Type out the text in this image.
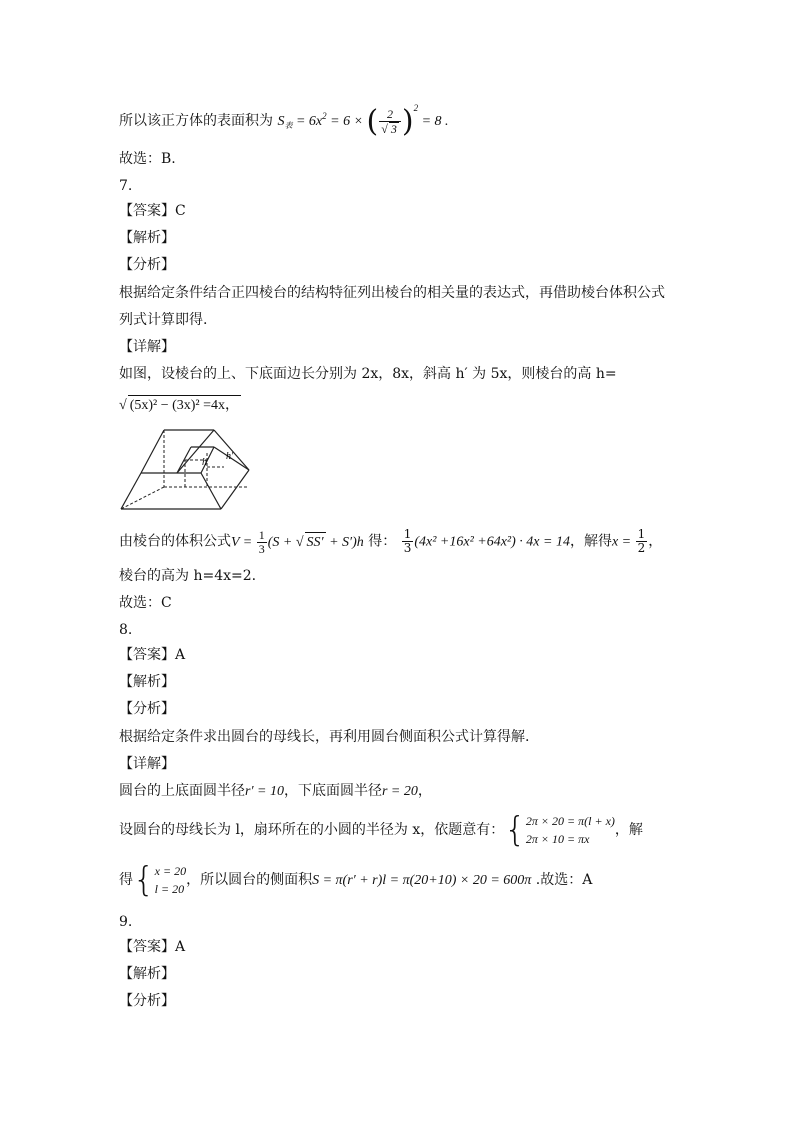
所以该正方体的表面积为 $S_表 = 6x^2 = 6$ × ( $\frac{2}{√ 3} )^2 = 8$ .
故选：B.
7.
【答案】C
【解析】
【分析】
根据给定条件结合正四棱台的结构特征列出棱台的相关量的表达式，再借助棱台体积公式
列式计算即得.
【详解】
如图，设棱台的上、下底面边长分别为 2x，8x，斜高 h′ 为 5x，则棱台的高 h=
√ (5x)² − (3x)² =4x，
h
h′
由棱台的体积公式$V = \frac{1}{3} (S$ + √ SS′ + S′)h 得： $\frac{1}{3} (4x^2 +16x^2 +64x^2) \cdot 4x = 14$，解得$x = \frac{1}{2}$ ，
棱台的高为 h=4x=2.
故选：C
8.
【答案】A
【解析】
【分析】
根据给定条件求出圆台的母线长，再利用圆台侧面积公式计算得解.
【详解】
圆台的上底面圆半径r′ = 10，下底面圆半径r = 20，
设圆台的母线长为 l，扇环所在的小圆的半径为 x，依题意有：{ 2π × 20 = π(l + x)
2π × 10 = πx
，解
得{ x = 20
l = 20
，所以圆台的侧面积S = π(r′ + r)l = π(20+10) × 20 = 600π .故选：A
9.
【答案】A
【解析】
【分析】
